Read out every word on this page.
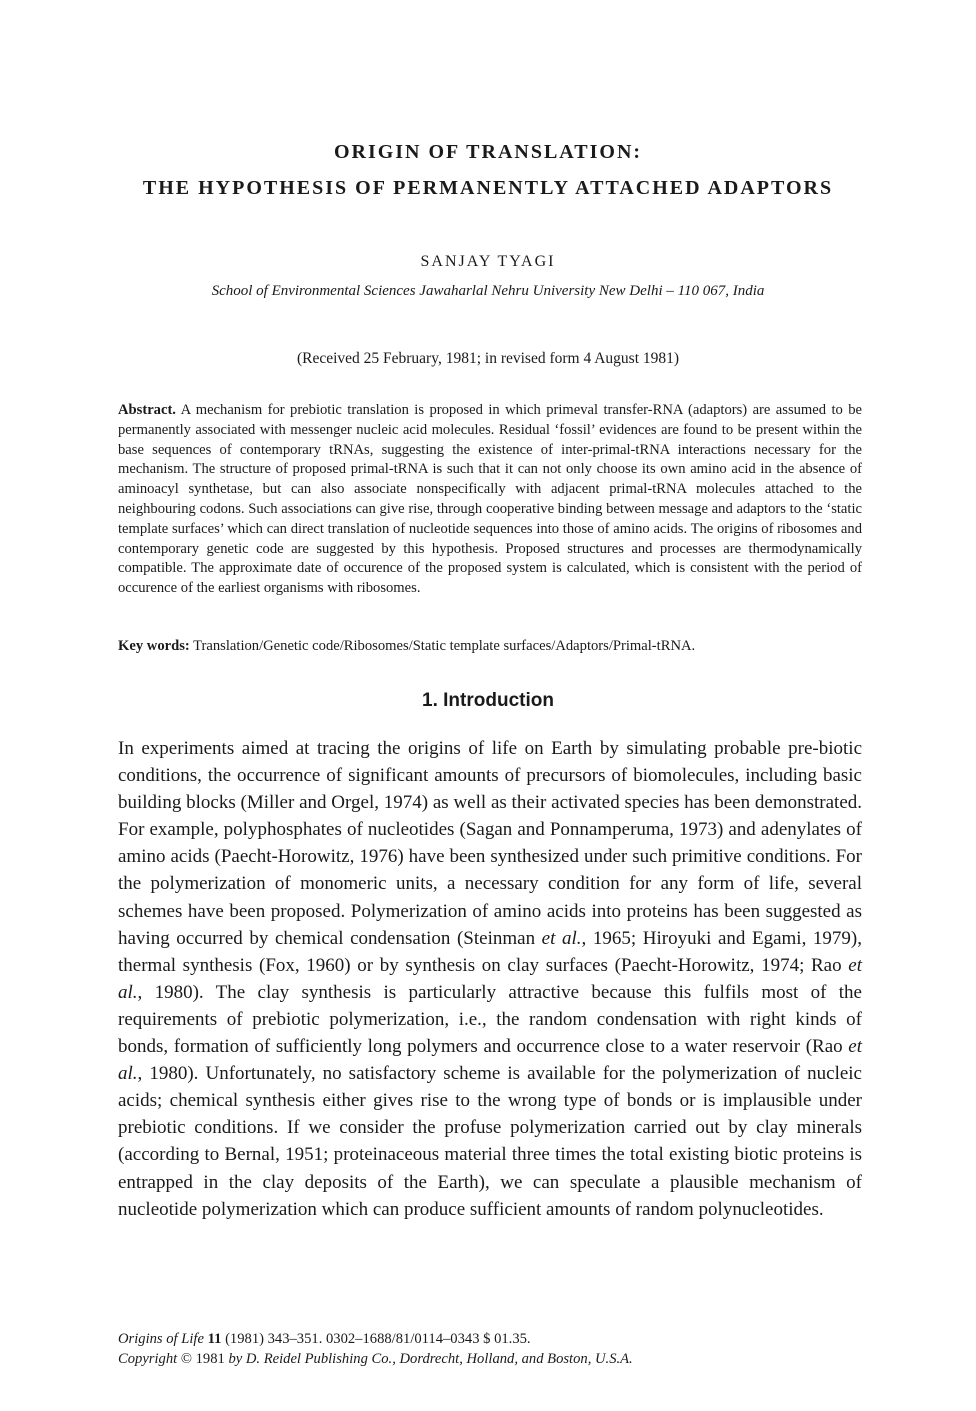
ORIGIN OF TRANSLATION:
THE HYPOTHESIS OF PERMANENTLY ATTACHED ADAPTORS
SANJAY TYAGI
School of Environmental Sciences Jawaharlal Nehru University New Delhi – 110 067, India
(Received 25 February, 1981; in revised form 4 August 1981)
Abstract. A mechanism for prebiotic translation is proposed in which primeval transfer-RNA (adaptors) are assumed to be permanently associated with messenger nucleic acid molecules. Residual ‘fossil’ evidences are found to be present within the base sequences of contemporary tRNAs, suggesting the existence of inter-primal-tRNA interactions necessary for the mechanism. The structure of proposed primal-tRNA is such that it can not only choose its own amino acid in the absence of aminoacyl synthetase, but can also associate nonspecifically with adjacent primal-tRNA molecules attached to the neighbouring codons. Such associations can give rise, through cooperative binding between message and adaptors to the ‘static template surfaces’ which can direct translation of nucleotide sequences into those of amino acids. The origins of ribosomes and contemporary genetic code are suggested by this hypothesis. Proposed structures and processes are thermodynamically compatible. The approximate date of occurence of the proposed system is calculated, which is consistent with the period of occurence of the earliest organisms with ribosomes.
Key words: Translation/Genetic code/Ribosomes/Static template surfaces/Adaptors/Primal-tRNA.
1. Introduction

In experiments aimed at tracing the origins of life on Earth by simulating probable pre-biotic conditions, the occurrence of significant amounts of precursors of biomolecules, including basic building blocks (Miller and Orgel, 1974) as well as their activated species has been demonstrated. For example, polyphosphates of nucleotides (Sagan and Ponnamperuma, 1973) and adenylates of amino acids (Paecht-Horowitz, 1976) have been synthesized under such primitive conditions. For the polymerization of monomeric units, a necessary condition for any form of life, several schemes have been proposed. Polymerization of amino acids into proteins has been suggested as having occurred by chemical condensation (Steinman et al., 1965; Hiroyuki and Egami, 1979), thermal synthesis (Fox, 1960) or by synthesis on clay surfaces (Paecht-Horowitz, 1974; Rao et al., 1980). The clay synthesis is particularly attractive because this fulfils most of the requirements of prebiotic polymerization, i.e., the random condensation with right kinds of bonds, formation of sufficiently long polymers and occurrence close to a water reservoir (Rao et al., 1980). Unfortunately, no satisfactory scheme is available for the polymerization of nucleic acids; chemical synthesis either gives rise to the wrong type of bonds or is implausible under prebiotic conditions. If we consider the profuse polymerization carried out by clay minerals (according to Bernal, 1951; proteinaceous material three times the total existing biotic proteins is entrapped in the clay deposits of the Earth), we can speculate a plausible mechanism of nucleotide polymerization which can produce sufficient amounts of random polynucleotides.

Origins of Life 11 (1981) 343–351. 0302–1688/81/0114–0343 $ 01.35.
Copyright © 1981 by D. Reidel Publishing Co., Dordrecht, Holland, and Boston, U.S.A.
